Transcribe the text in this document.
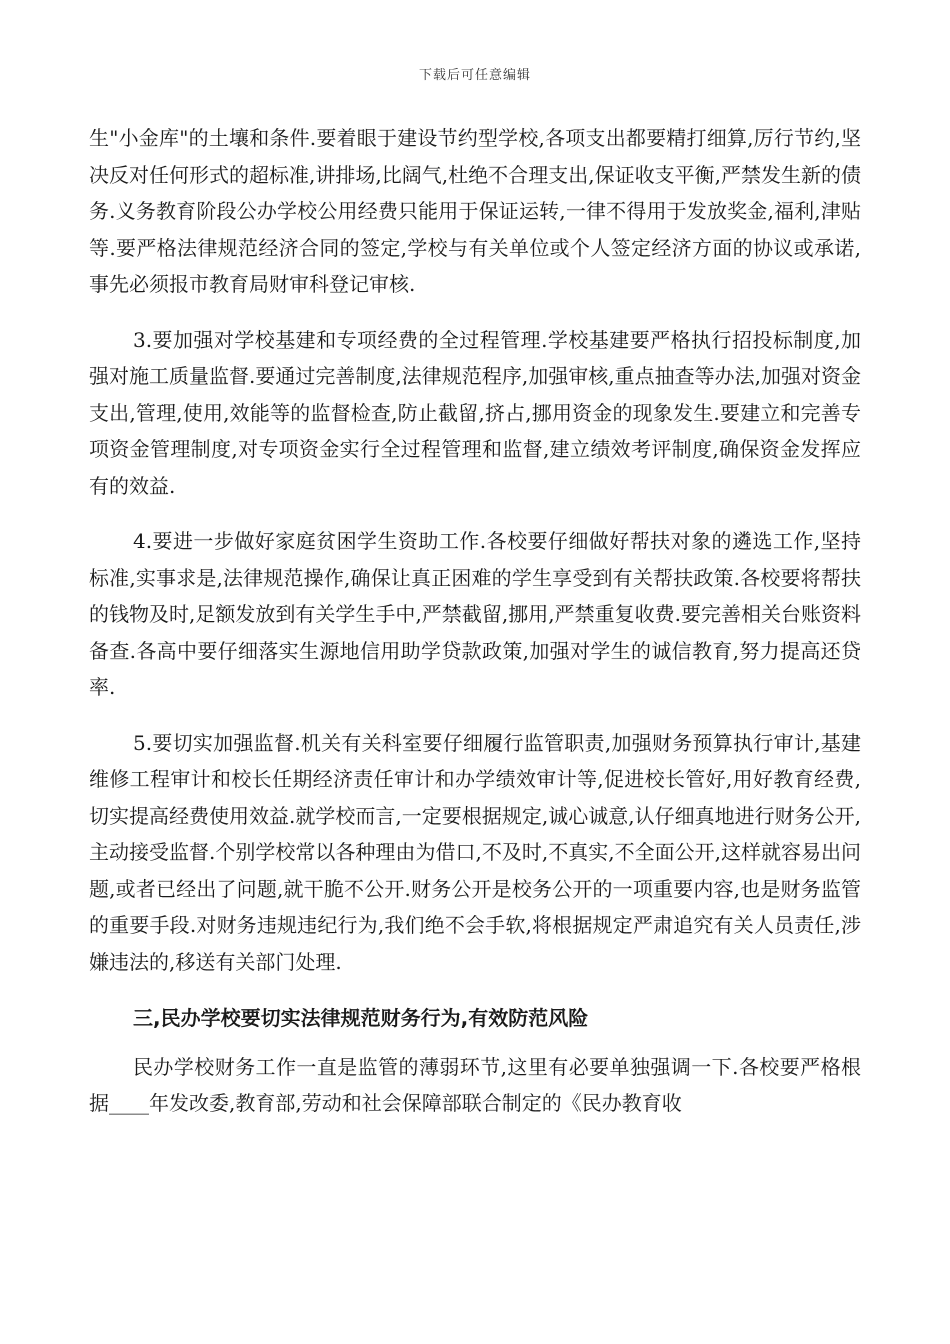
下载后可任意编辑

生"小金库"的土壤和条件.要着眼于建设节约型学校,各项支出都要精打细算,厉行节约,坚决反对任何形式的超标准,讲排场,比阔气,杜绝不合理支出,保证收支平衡,严禁发生新的债务.义务教育阶段公办学校公用经费只能用于保证运转,一律不得用于发放奖金,福利,津贴等.要严格法律规范经济合同的签定,学校与有关单位或个人签定经济方面的协议或承诺,事先必须报市教育局财审科登记审核.

3.要加强对学校基建和专项经费的全过程管理.学校基建要严格执行招投标制度,加强对施工质量监督.要通过完善制度,法律规范程序,加强审核,重点抽查等办法,加强对资金支出,管理,使用,效能等的监督检查,防止截留,挤占,挪用资金的现象发生.要建立和完善专项资金管理制度,对专项资金实行全过程管理和监督,建立绩效考评制度,确保资金发挥应有的效益.

4.要进一步做好家庭贫困学生资助工作.各校要仔细做好帮扶对象的遴选工作,坚持标准,实事求是,法律规范操作,确保让真正困难的学生享受到有关帮扶政策.各校要将帮扶的钱物及时,足额发放到有关学生手中,严禁截留,挪用,严禁重复收费.要完善相关台账资料备查.各高中要仔细落实生源地信用助学贷款政策,加强对学生的诚信教育,努力提高还贷率.

5.要切实加强监督.机关有关科室要仔细履行监管职责,加强财务预算执行审计,基建维修工程审计和校长任期经济责任审计和办学绩效审计等,促进校长管好,用好教育经费,切实提高经费使用效益.就学校而言,一定要根据规定,诚心诚意,认仔细真地进行财务公开,主动接受监督.个别学校常以各种理由为借口,不及时,不真实,不全面公开,这样就容易出问题,或者已经出了问题,就干脆不公开.财务公开是校务公开的一项重要内容,也是财务监管的重要手段.对财务违规违纪行为,我们绝不会手软,将根据规定严肃追究有关人员责任,涉嫌违法的,移送有关部门处理.

三,民办学校要切实法律规范财务行为,有效防范风险

民办学校财务工作一直是监管的薄弱环节,这里有必要单独强调一下.各校要严格根据____年发改委,教育部,劳动和社会保障部联合制定的《民办教育收
